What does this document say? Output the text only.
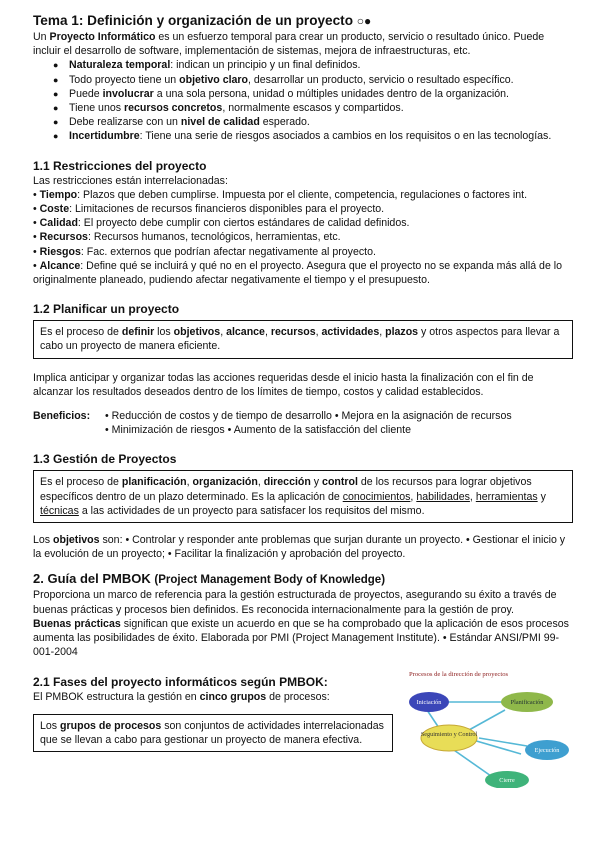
Tema 1: Definición y organización de un proyecto ○●

Un Proyecto Informático es un esfuerzo temporal para crear un producto, servicio o resultado único. Puede incluir el desarrollo de software, implementación de sistemas, mejora de infraestructuras, etc.

● Naturaleza temporal: indican un principio y un final definidos.
● Todo proyecto tiene un objetivo claro, desarrollar un producto, servicio o resultado específico.
● Puede involucrar a una sola persona, unidad o múltiples unidades dentro de la organización.
● Tiene unos recursos concretos, normalmente escasos y compartidos.
● Debe realizarse con un nivel de calidad esperado.
● Incertidumbre: Tiene una serie de riesgos asociados a cambios en los requisitos o en las tecnologías.
1.1 Restricciones del proyecto

Las restricciones están interrelacionadas:

• Tiempo: Plazos que deben cumplirse. Impuesta por el cliente, competencia, regulaciones o factores int.

• Coste: Limitaciones de recursos financieros disponibles para el proyecto.

• Calidad: El proyecto debe cumplir con ciertos estándares de calidad definidos.

• Recursos: Recursos humanos, tecnológicos, herramientas, etc.

• Riesgos: Fac. externos que podrían afectar negativamente al proyecto.

• Alcance: Define qué se incluirá y qué no en el proyecto. Asegura que el proyecto no se expanda más allá de lo originalmente planeado, pudiendo afectar negativamente el tiempo y el presupuesto.

1.2 Planificar un proyecto

Es el proceso de definir los objetivos, alcance, recursos, actividades, plazos y otros aspectos para llevar a cabo un proyecto de manera eficiente.

Implica anticipar y organizar todas las acciones requeridas desde el inicio hasta la finalización con el fin de alcanzar los resultados deseados dentro de los límites de tiempo, costos y calidad establecidos.

Beneficios:	• Reducción de costos y de tiempo de desarrollo • Mejora en la asignación de recursos

• Minimización de riesgos • Aumento de la satisfacción del cliente

1.3 Gestión de Proyectos

Es el proceso de planificación, organización, dirección y control de los recursos para lograr objetivos específicos dentro de un plazo determinado. Es la aplicación de conocimientos, habilidades, herramientas y técnicas a las actividades de un proyecto para satisfacer los requisitos del mismo.

Los objetivos son: • Controlar y responder ante problemas que surjan durante un proyecto. • Gestionar el inicio y la evolución de un proyecto; • Facilitar la finalización y aprobación del proyecto.

2. Guía del PMBOK (Project Management Body of Knowledge)

Proporciona un marco de referencia para la gestión estructurada de proyectos, asegurando su éxito a través de buenas prácticas y procesos bien definidos. Es reconocida internacionalmente para la gestión de proy.

Buenas prácticas significan que existe un acuerdo en que se ha comprobado que la aplicación de esos procesos aumenta las posibilidades de éxito. Elaborada por PMI (Project Management Institute). • Estándar ANSI/PMI 99-001-2004

2.1 Fases del proyecto informáticos según PMBOK:

El PMBOK estructura la gestión en cinco grupos de procesos:

Los grupos de procesos son conjuntos de actividades interrelacionadas que se llevan a cabo para gestionar un proyecto de manera efectiva.

Procesos de la dirección de proyectos
Iniciación	Planificación
Seguimiento y Control
Ejecución
Cierre
